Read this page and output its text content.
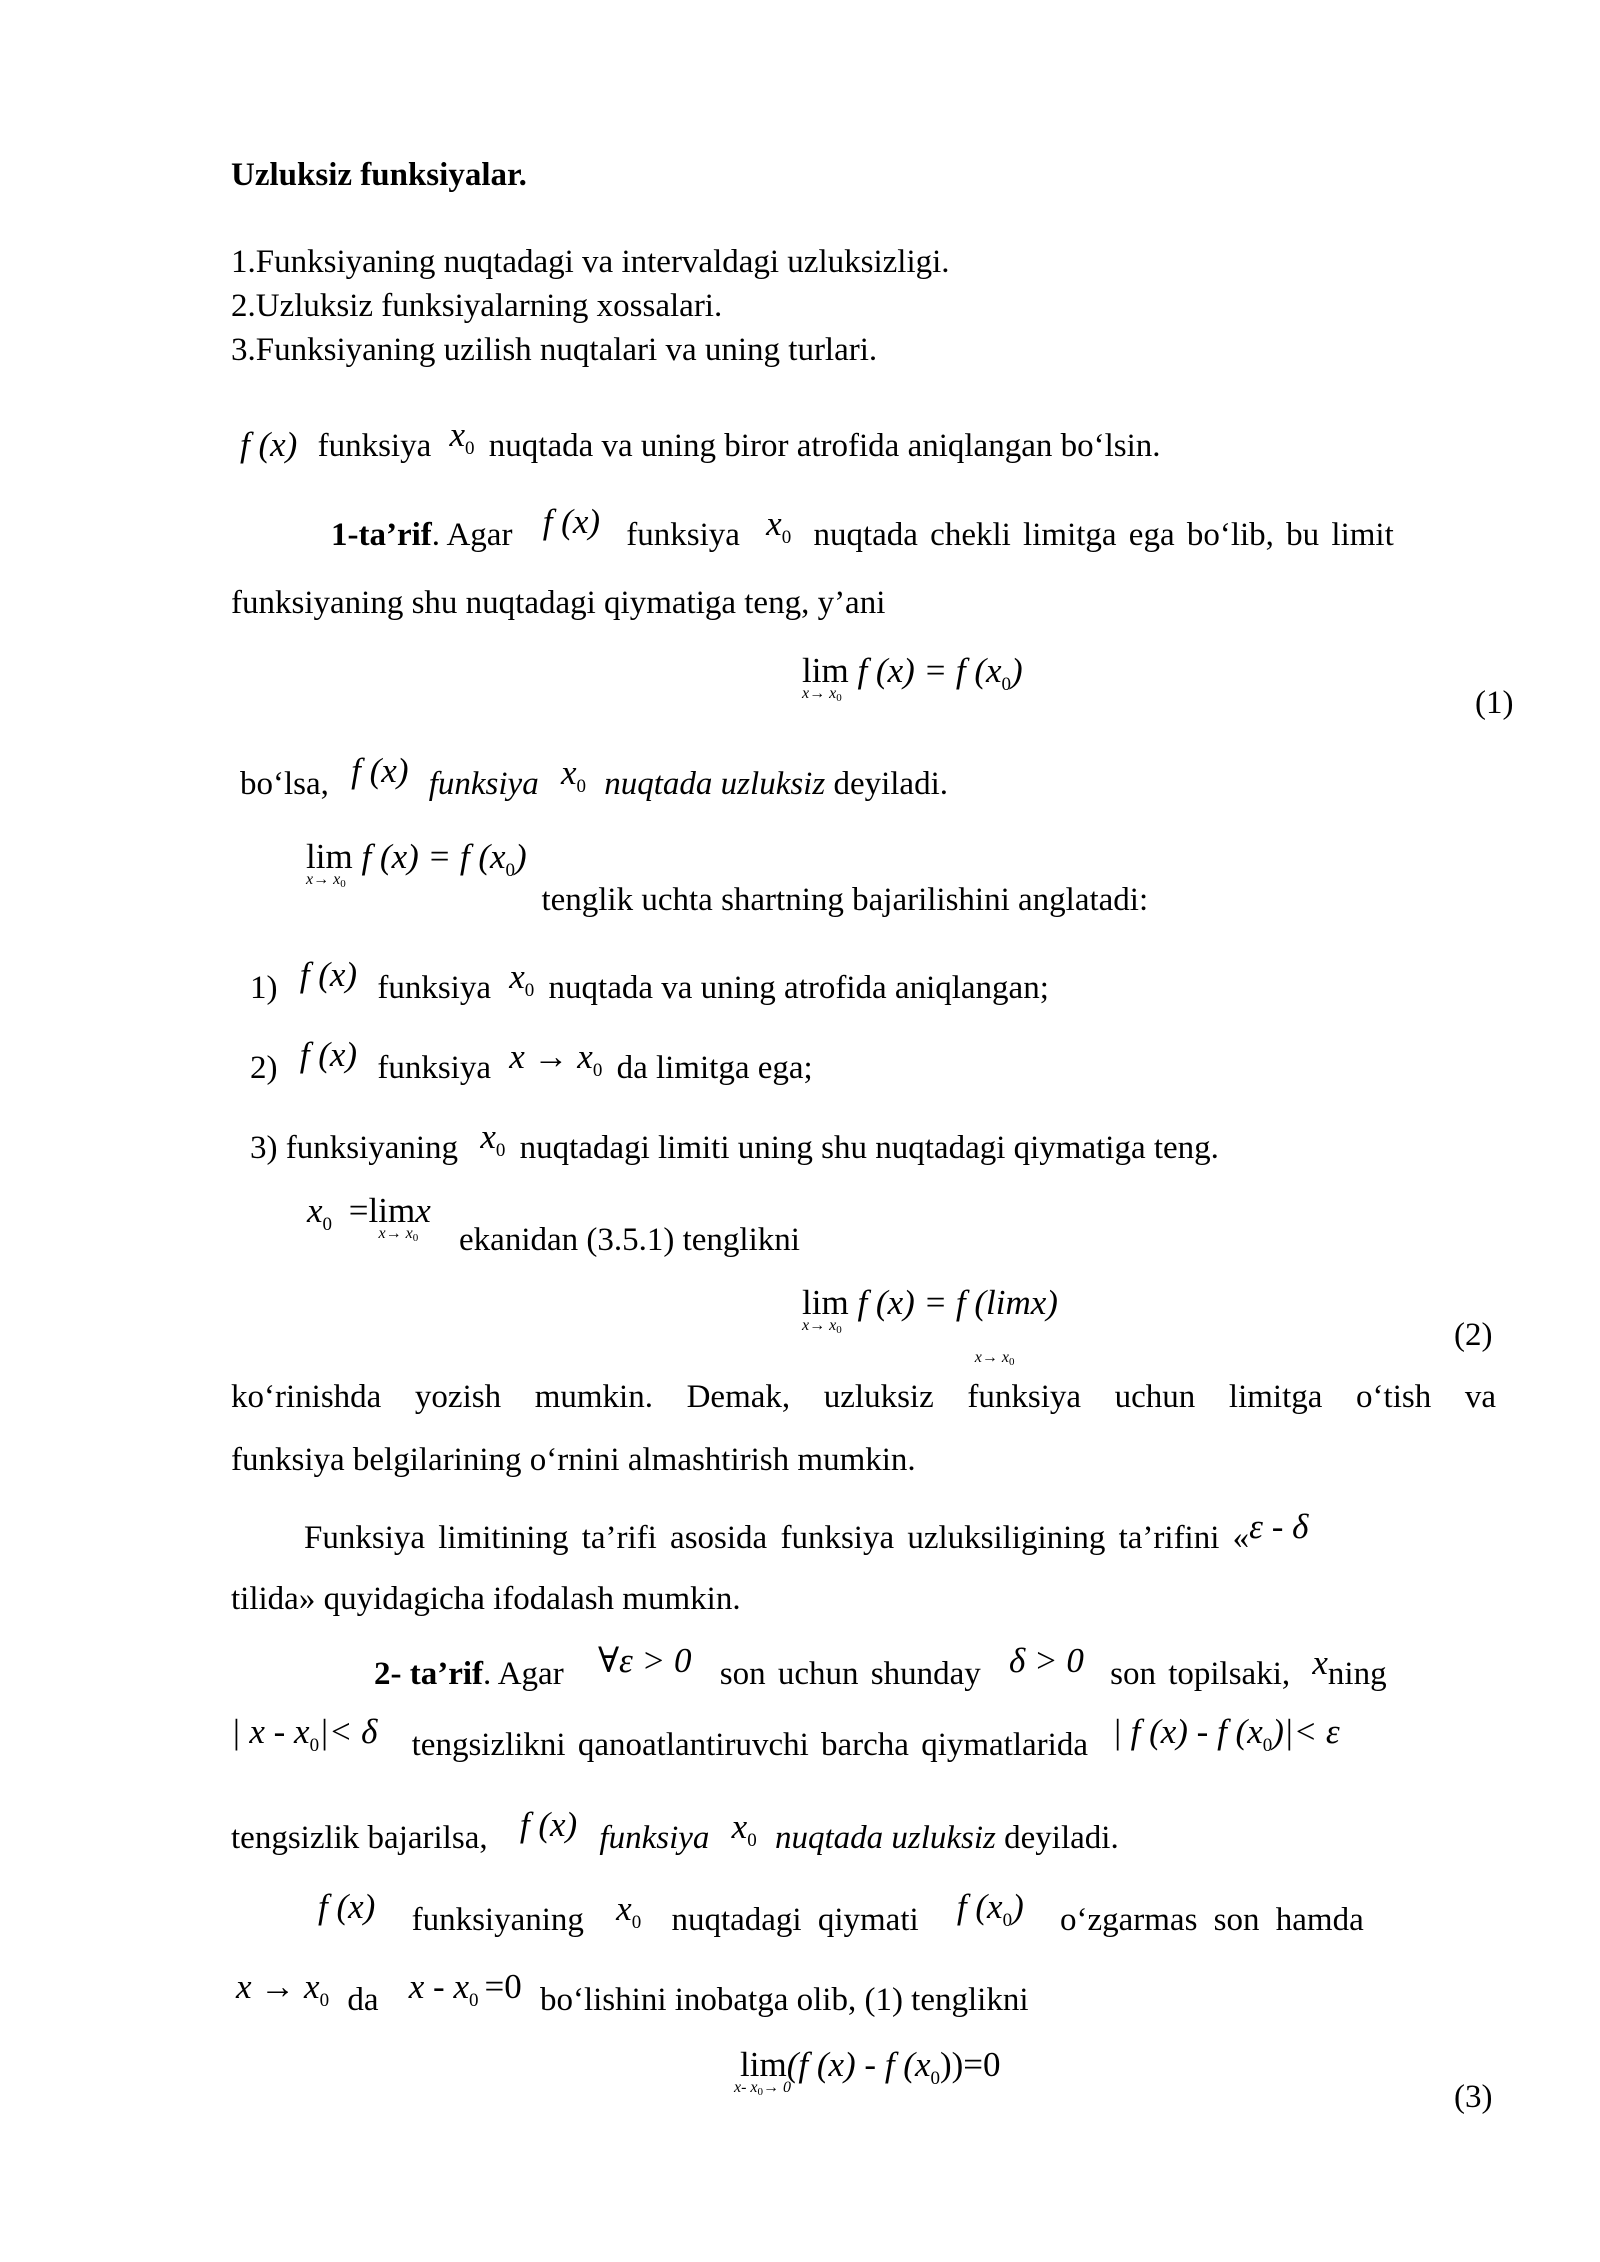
Uzluksiz funksiyalar.
1.Funksiyaning nuqtadagi va intervaldagi uzluksizligi.
2.Uzluksiz funksiyalarning xossalari.
3.Funksiyaning uzilish nuqtalari va uning turlari.
f (x) funksiya $x_0$ nuqtada va uning biror atrofida aniqlangan bo‘lsin.
1-ta’rif. Agar f (x) funksiya $x_0$ nuqtada chekli limitga ega bo‘lib, bu limit
funksiyaning shu nuqtadagi qiymatiga teng, y’ani
lim
x→ x0
f (x) = f $(x_0)$
(1)
bo‘lsa, f (x) funksiya $x_0$ nuqtada uzluksiz deyiladi.
lim
x→ x0
f (x) = f $(x_0)$ tenglik uchta shartning bajarilishini anglatadi:
1) f (x) funksiya $x_0$ nuqtada va uning atrofida aniqlangan;
2) f (x) funksiya $x \to x_0$ da limitga ega;
3) funksiyaning $x_0$ nuqtadagi limiti uning shu nuqtadagi qiymatiga teng.
$x_0 =\lim$
x→ x0
x ekanidan (3.5.1) tenglikni
lim
x→ x0
f (x) = f (lim
x→ x0
x)
(2)
ko‘rinishda yozish mumkin. Demak, uzluksiz funksiya uchun limitga o‘tish va
funksiya belgilarining o‘rnini almashtirish mumkin.
Funksiya limitining ta’rifi asosida funksiya uzluksiligining ta’rifini «ε - δ
tilida» quyidagicha ifodalash mumkin.
2- ta’rif. Agar ∀ε > 0 son uchun shunday δ > 0 son topilsaki, xning
| $x - x_0|< \delta$ tengsizlikni qanoatlantiruvchi barcha qiymatlarida | f (x) - f $(x_0)|< \varepsilon$
tengsizlik bajarilsa, f (x) funksiya $x_0$ nuqtada uzluksiz deyiladi.
f (x) funksiyaning $x_0$ nuqtadagi qiymati f $(x_0)$ o‘zgarmas son hamda
$x \to x_0$ da $x - x_0 =0$ bo‘lishini inobatga olib, (1) tenglikni
lim
x- x0→ 0
(f (x) - f $(x_0))=0$
(3)
